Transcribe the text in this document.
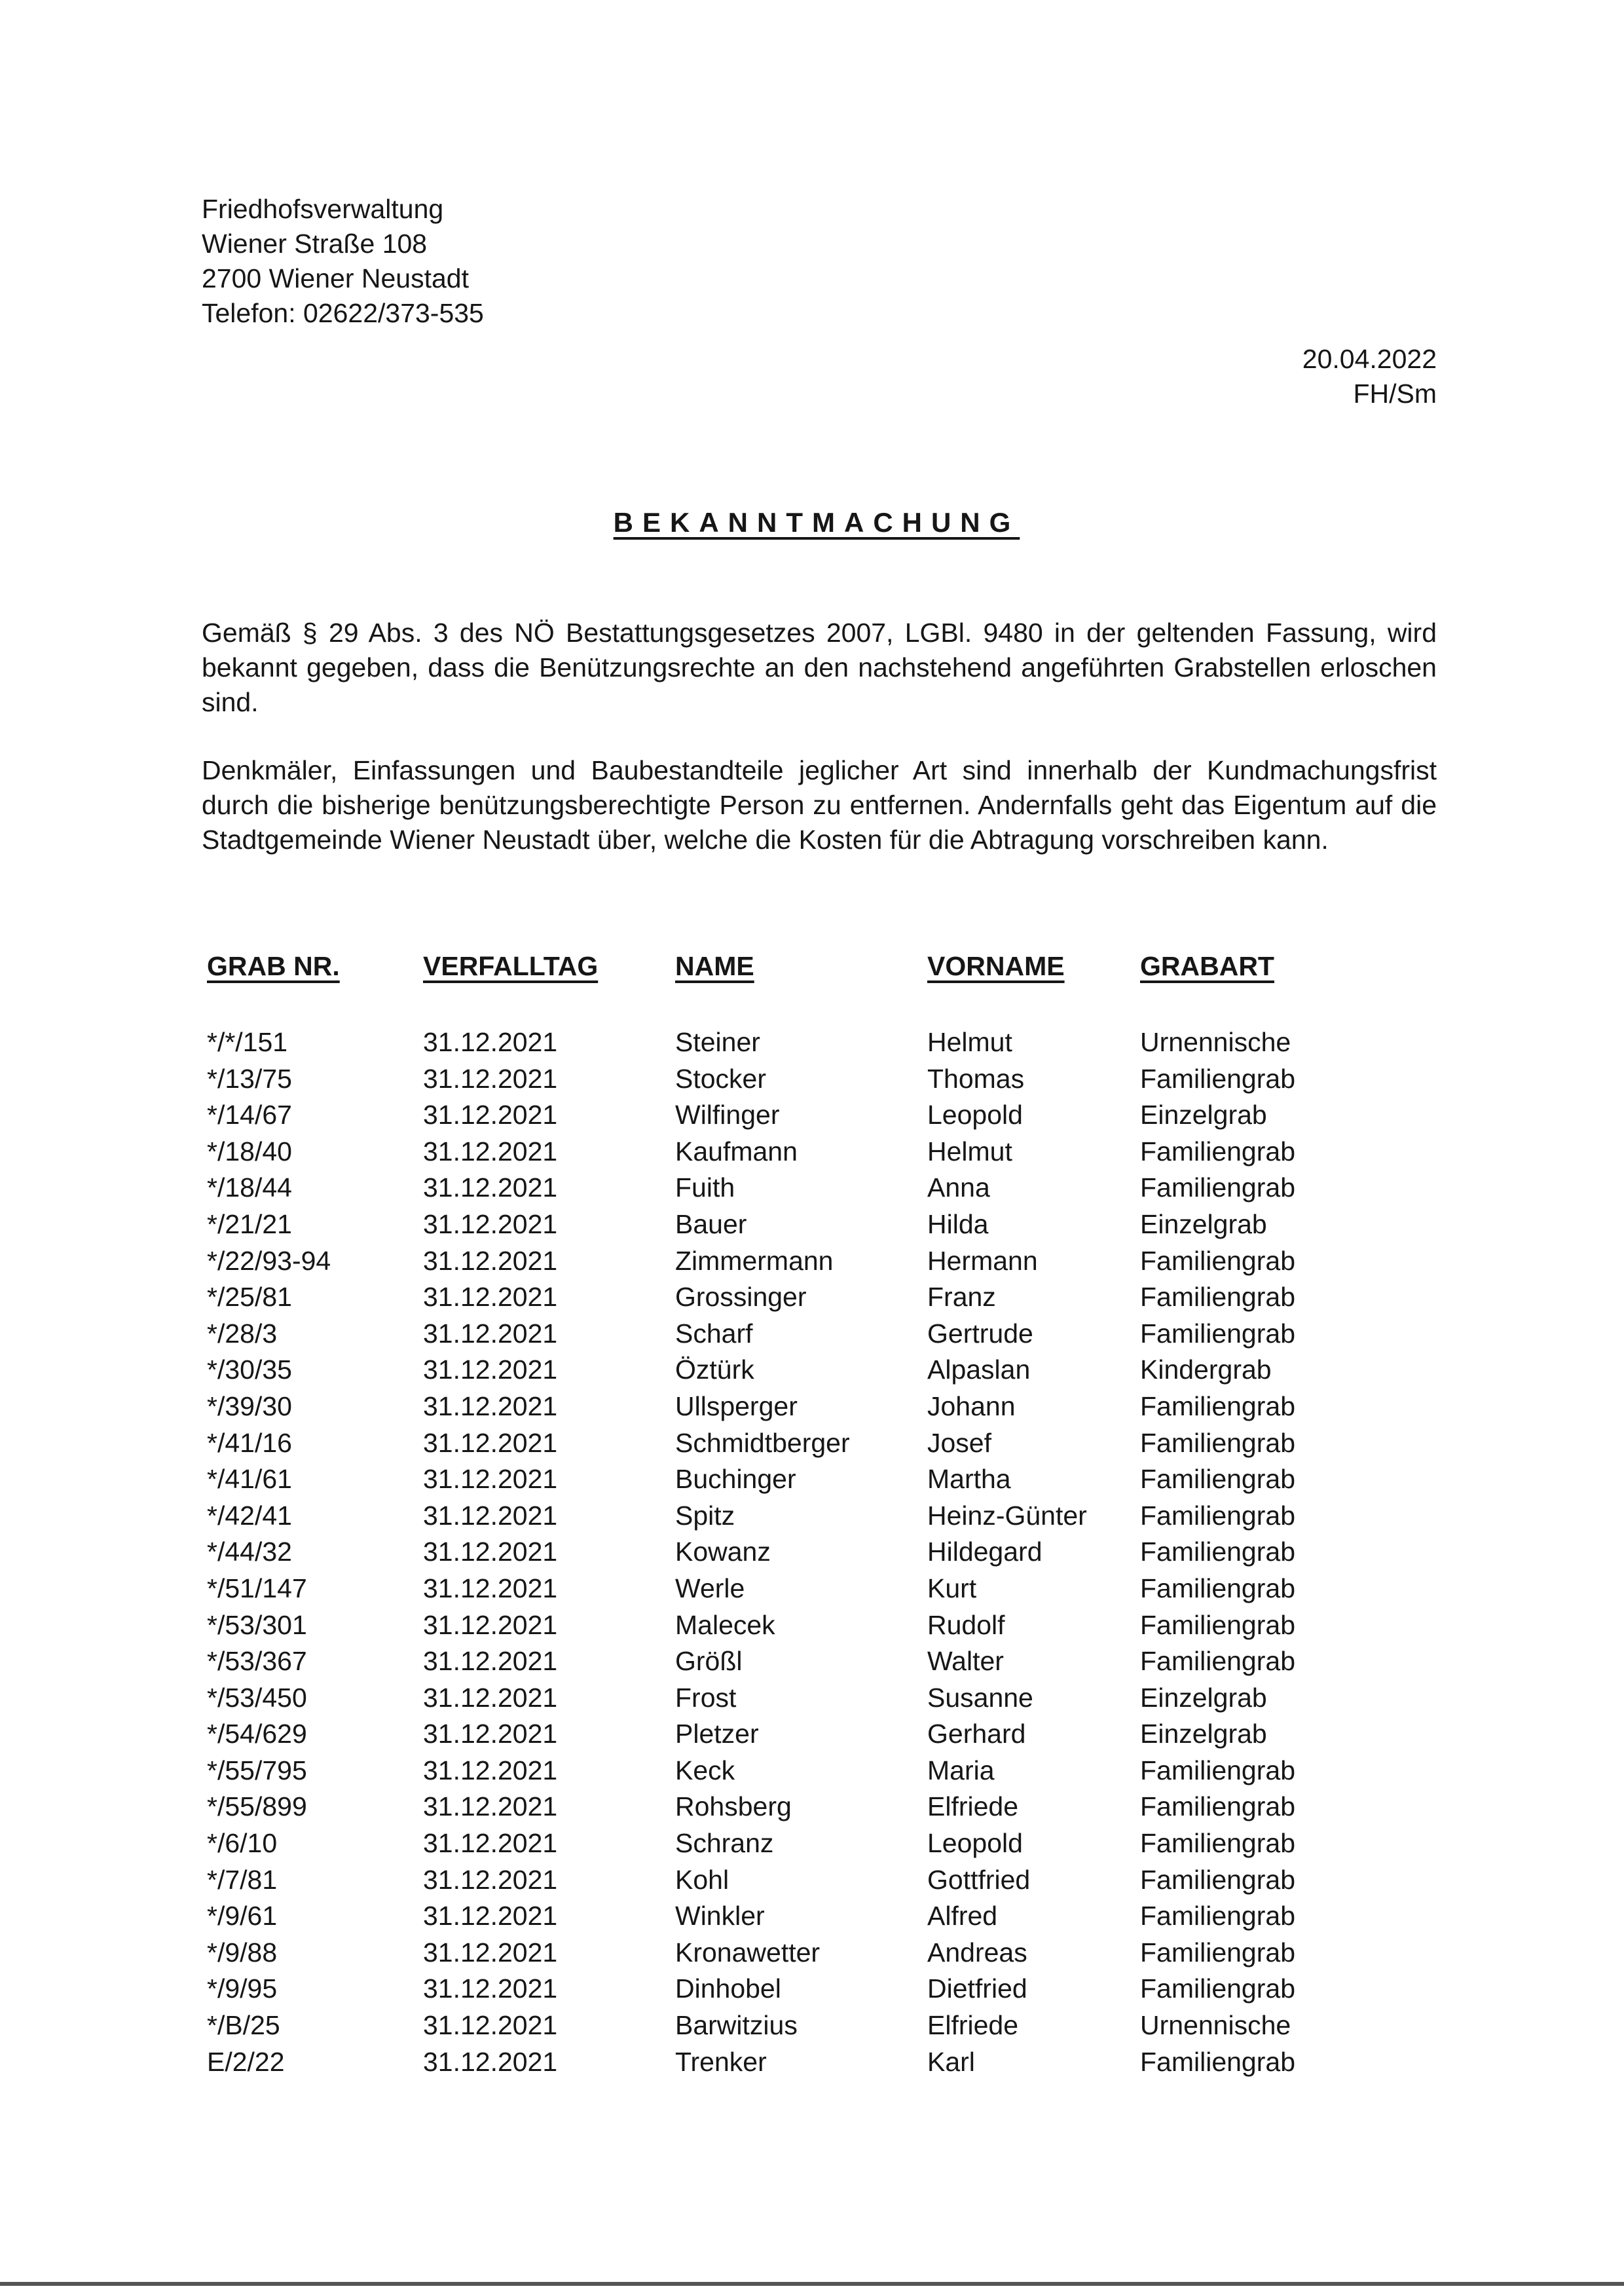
Friedhofsverwaltung
Wiener Straße 108
2700 Wiener Neustadt
Telefon: 02622/373-535
20.04.2022
FH/Sm
BEKANNTMACHUNG
Gemäß § 29 Abs. 3 des NÖ Bestattungsgesetzes 2007, LGBl. 9480 in der geltenden Fassung, wird bekannt gegeben, dass die Benützungsrechte an den nachstehend angeführten Grabstellen erloschen sind.
Denkmäler, Einfassungen und Baubestandteile jeglicher Art sind innerhalb der Kundmachungsfrist durch die bisherige benützungsberechtigte Person zu entfernen. Andernfalls geht das Eigentum auf die Stadtgemeinde Wiener Neustadt über, welche die Kosten für die Abtragung vorschreiben kann.
GRAB NR.	VERFALLTAG	NAME	VORNAME	GRABART
*/*/151	31.12.2021	Steiner	Helmut	Urnennische
*/13/75	31.12.2021	Stocker	Thomas	Familiengrab
*/14/67	31.12.2021	Wilfinger	Leopold	Einzelgrab
*/18/40	31.12.2021	Kaufmann	Helmut	Familiengrab
*/18/44	31.12.2021	Fuith	Anna	Familiengrab
*/21/21	31.12.2021	Bauer	Hilda	Einzelgrab
*/22/93-94	31.12.2021	Zimmermann	Hermann	Familiengrab
*/25/81	31.12.2021	Grossinger	Franz	Familiengrab
*/28/3	31.12.2021	Scharf	Gertrude	Familiengrab
*/30/35	31.12.2021	Öztürk	Alpaslan	Kindergrab
*/39/30	31.12.2021	Ullsperger	Johann	Familiengrab
*/41/16	31.12.2021	Schmidtberger	Josef	Familiengrab
*/41/61	31.12.2021	Buchinger	Martha	Familiengrab
*/42/41	31.12.2021	Spitz	Heinz-Günter	Familiengrab
*/44/32	31.12.2021	Kowanz	Hildegard	Familiengrab
*/51/147	31.12.2021	Werle	Kurt	Familiengrab
*/53/301	31.12.2021	Malecek	Rudolf	Familiengrab
*/53/367	31.12.2021	Größl	Walter	Familiengrab
*/53/450	31.12.2021	Frost	Susanne	Einzelgrab
*/54/629	31.12.2021	Pletzer	Gerhard	Einzelgrab
*/55/795	31.12.2021	Keck	Maria	Familiengrab
*/55/899	31.12.2021	Rohsberg	Elfriede	Familiengrab
*/6/10	31.12.2021	Schranz	Leopold	Familiengrab
*/7/81	31.12.2021	Kohl	Gottfried	Familiengrab
*/9/61	31.12.2021	Winkler	Alfred	Familiengrab
*/9/88	31.12.2021	Kronawetter	Andreas	Familiengrab
*/9/95	31.12.2021	Dinhobel	Dietfried	Familiengrab
*/B/25	31.12.2021	Barwitzius	Elfriede	Urnennische
E/2/22	31.12.2021	Trenker	Karl	Familiengrab
